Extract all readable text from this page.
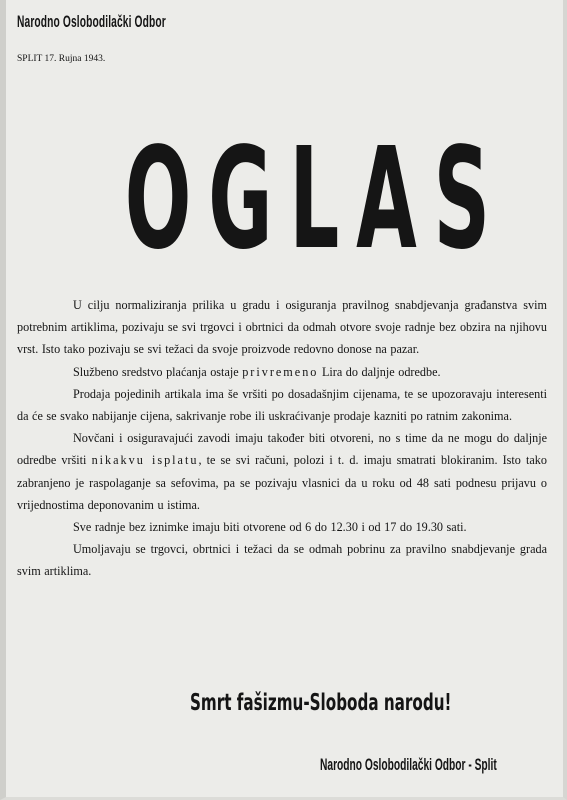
Narodno Oslobodilački Odbor
SPLIT 17. Rujna 1943.
OGLAS

U cilju normaliziranja prilika u gradu i osiguranja pravilnog snabdjevanja građanstva svim potrebnim artiklima, pozivaju se svi trgovci i obrtnici da odmah otvore svoje radnje bez obzira na njihovu vrst. Isto tako pozivaju se svi težaci da svoje proizvode redovno donose na pazar.

Službeno sredstvo plaćanja ostaje privremeno Lira do daljnje odredbe.

Prodaja pojedinih artikala ima še vršiti po dosadašnjim cijenama, te se upozoravaju interesenti da će se svako nabijanje cijena, sakrivanje robe ili uskraćivanje prodaje kazniti po ratnim zakonima.

Novčani i osiguravajući zavodi imaju također biti otvoreni, no s time da ne mogu do daljnje odredbe vršiti nikakvu isplatu, te se svi računi, polozi i t. d. imaju smatrati blokiranim. Isto tako zabranjeno je raspolaganje sa sefovima, pa se pozivaju vlasnici da u roku od 48 sati podnesu prijavu o vrijednostima deponovanim u istima.

Sve radnje bez iznimke imaju biti otvorene od 6 do 12.30 i od 17 do 19.30 sati.

Umoljavaju se trgovci, obrtnici i težaci da se odmah pobrinu za pravilno snabdjevanje grada svim artiklima.

Smrt fašizmu-Sloboda narodu!
Narodno Oslobodilački Odbor - Split
